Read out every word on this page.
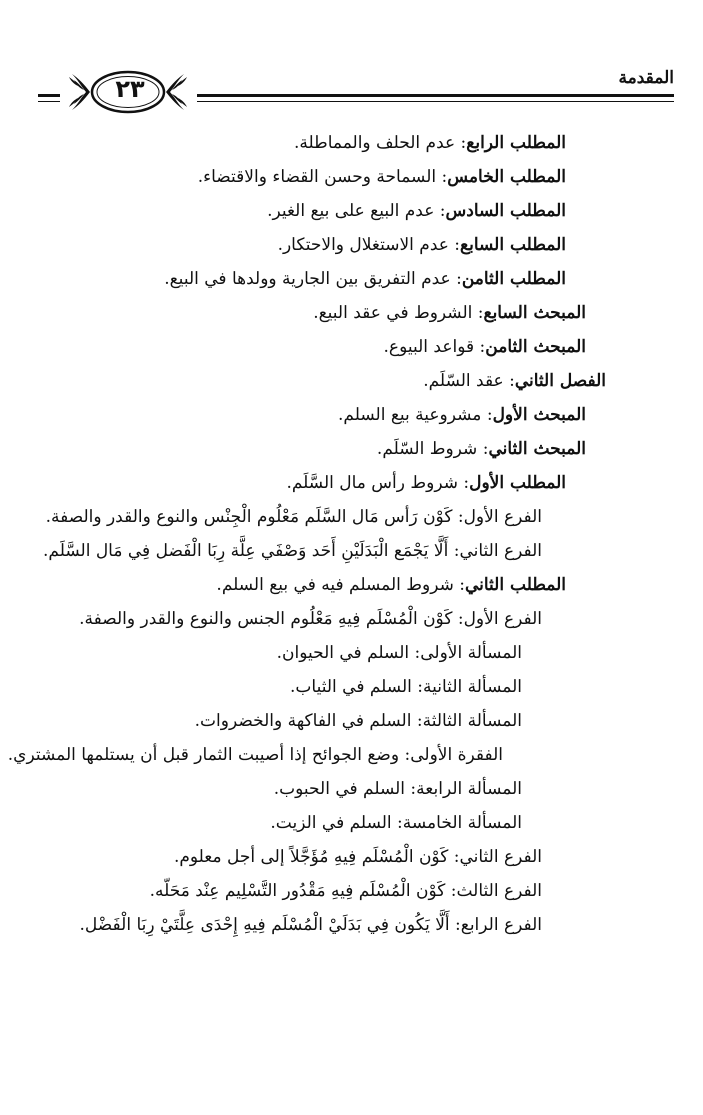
المقدمة
٢٣
المطلب الرابع: عدم الحلف والمماطلة.
المطلب الخامس: السماحة وحسن القضاء والاقتضاء.
المطلب السادس: عدم البيع على بيع الغير.
المطلب السابع: عدم الاستغلال والاحتكار.
المطلب الثامن: عدم التفريق بين الجارية وولدها في البيع.
المبحث السابع: الشروط في عقد البيع.
المبحث الثامن: قواعد البيوع.
الفصل الثاني: عقد السّلَم.
المبحث الأول: مشروعية بيع السلم.
المبحث الثاني: شروط السّلَم.
المطلب الأول: شروط رأس مال السَّلَم.
الفرع الأول: كَوْن رَأس مَال السَّلَم مَعْلُوم الْجِنْس والنوع والقدر والصفة.
الفرع الثاني: أَلَّا يَجْمَع الْبَدَلَيْنِ أَحَد وَصْفَي عِلَّة رِبَا الْفَضل فِي مَال السَّلَم.
المطلب الثاني: شروط المسلم فيه في بيع السلم.
الفرع الأول: كَوْن الْمُسْلَم فِيهِ مَعْلُوم الجنس والنوع والقدر والصفة.
المسألة الأولى: السلم في الحيوان.
المسألة الثانية: السلم في الثياب.
المسألة الثالثة: السلم في الفاكهة والخضروات.
الفقرة الأولى: وضع الجوائح إذا أصيبت الثمار قبل أن يستلمها المشتري.
المسألة الرابعة: السلم في الحبوب.
المسألة الخامسة: السلم في الزيت.
الفرع الثاني: كَوْن الْمُسْلَم فِيهِ مُؤَجَّلاً إلى أجل معلوم.
الفرع الثالث: كَوْن الْمُسْلَم فِيهِ مَقْدُور التَّسْلِيم عِنْد مَحَلّه.
الفرع الرابع: أَلَّا يَكُون فِي بَدَلَيْ الْمُسْلَم فِيهِ إِحْدَى عِلَّتَيْ رِبَا الْفَضْل.
